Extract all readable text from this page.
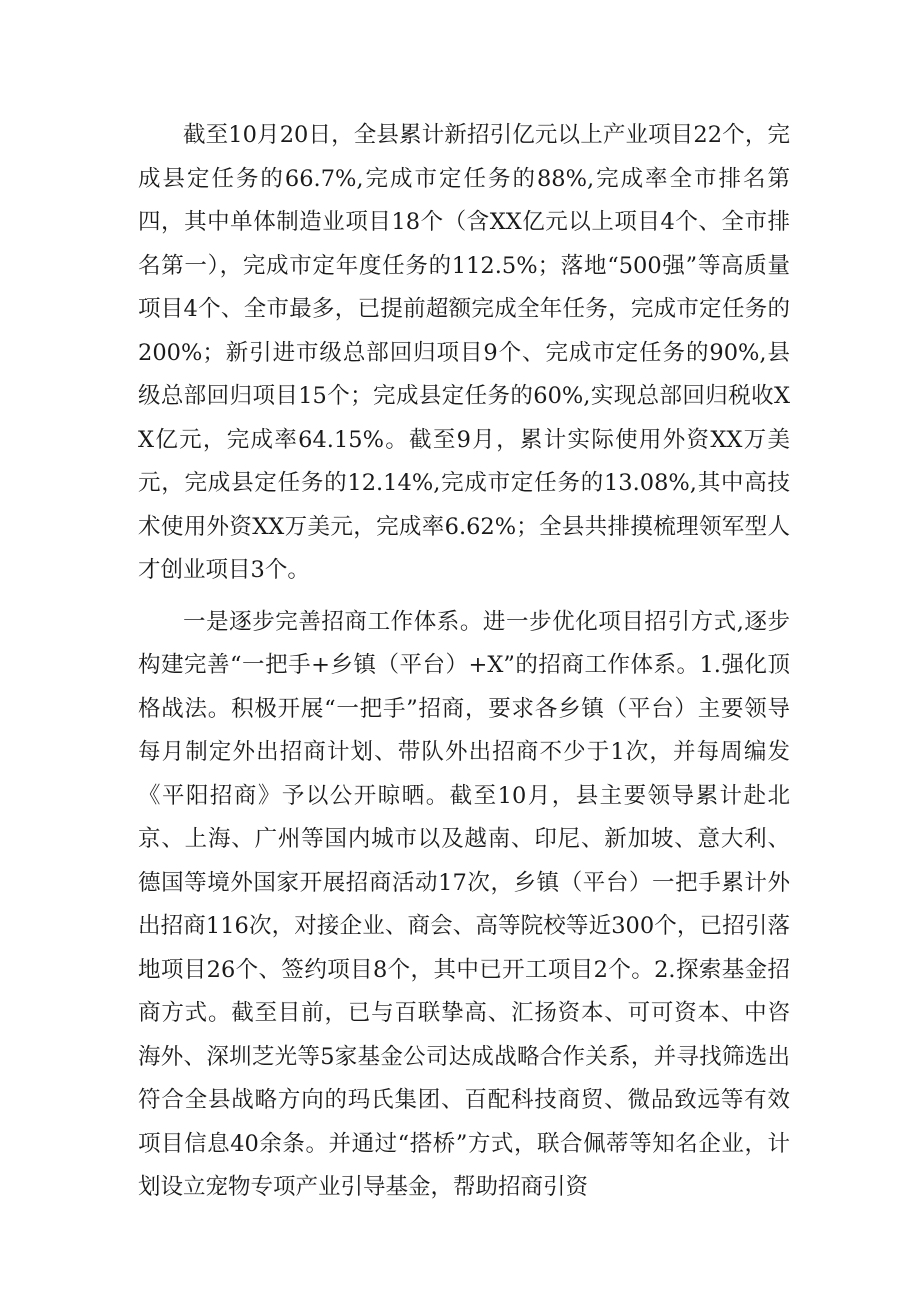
截至10月20日，全县累计新招引亿元以上产业项目22个，完成县定任务的66.7%,完成市定任务的88%,完成率全市排名第四，其中单体制造业项目18个（含XX亿元以上项目4个、全市排名第一），完成市定年度任务的112.5%；落地“500强”等高质量项目4个、全市最多，已提前超额完成全年任务，完成市定任务的200%；新引进市级总部回归项目9个、完成市定任务的90%,县级总部回归项目15个；完成县定任务的60%,实现总部回归税收XX亿元，完成率64.15%。截至9月，累计实际使用外资XX万美元，完成县定任务的12.14%,完成市定任务的13.08%,其中高技术使用外资XX万美元，完成率6.62%；全县共排摸梳理领军型人才创业项目3个。

一是逐步完善招商工作体系。进一步优化项目招引方式,逐步构建完善“一把手+乡镇（平台）+X”的招商工作体系。1.强化顶格战法。积极开展“一把手”招商，要求各乡镇（平台）主要领导每月制定外出招商计划、带队外出招商不少于1次，并每周编发《平阳招商》予以公开晾晒。截至10月，县主要领导累计赴北京、上海、广州等国内城市以及越南、印尼、新加坡、意大利、德国等境外国家开展招商活动17次，乡镇（平台）一把手累计外出招商116次，对接企业、商会、高等院校等近300个，已招引落地项目26个、签约项目8个，其中已开工项目2个。2.探索基金招商方式。截至目前，已与百联挚高、汇扬资本、可可资本、中咨海外、深圳芝光等5家基金公司达成战略合作关系，并寻找筛选出符合全县战略方向的玛氏集团、百配科技商贸、微品致远等有效项目信息40余条。并通过“搭桥”方式，联合佩蒂等知名企业，计划设立宠物专项产业引导基金，帮助招商引资
